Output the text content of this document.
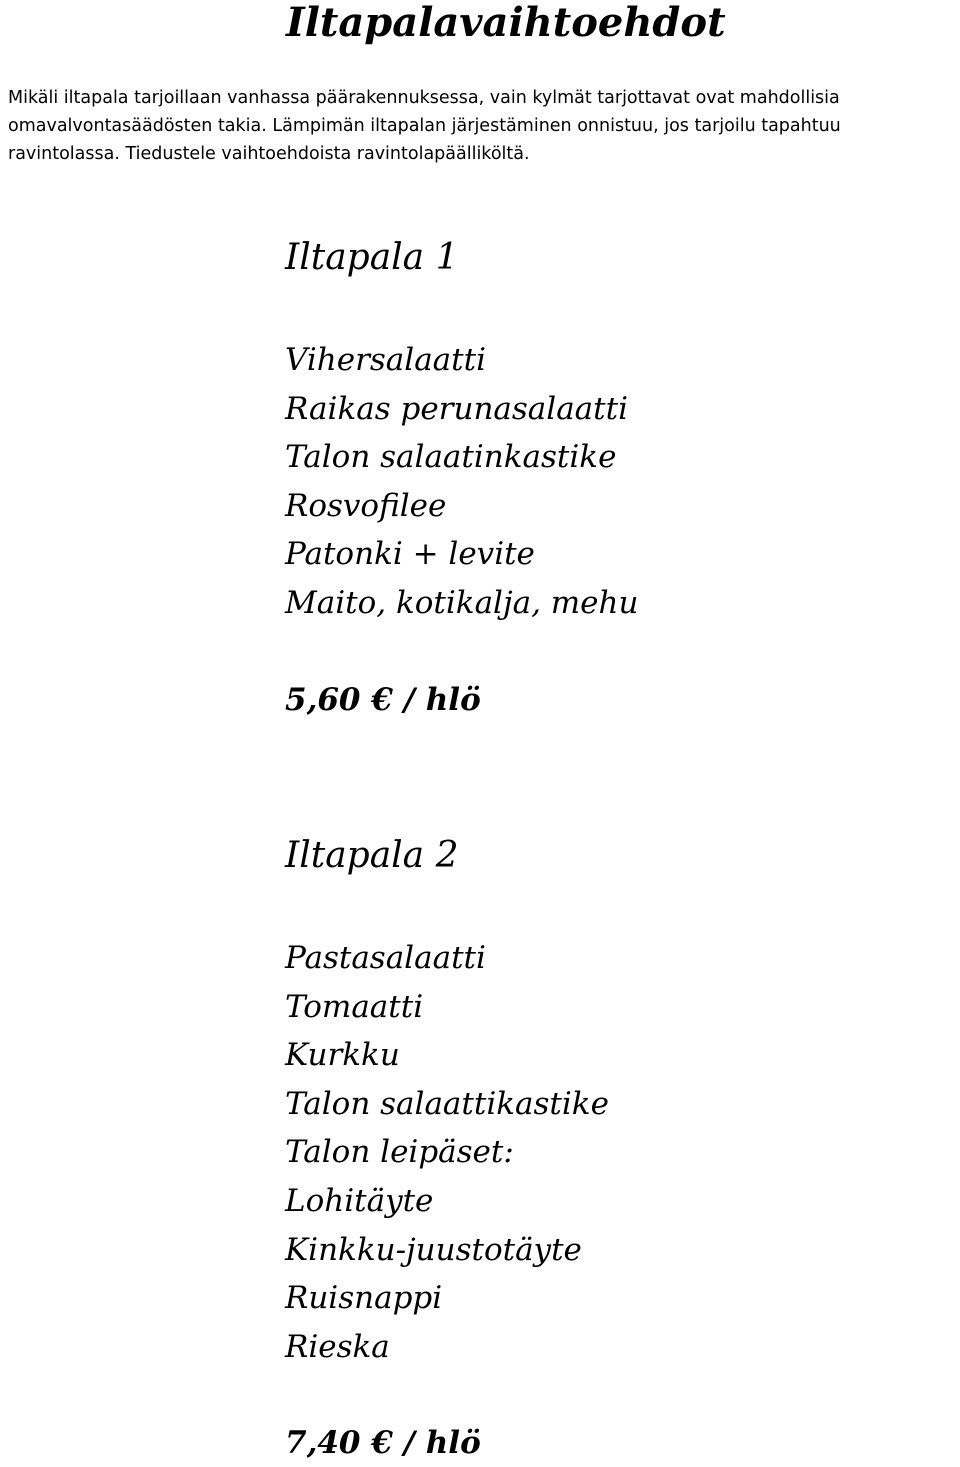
Iltapalavaihtoehdot

Mikäli iltapala tarjoillaan vanhassa päärakennuksessa, vain kylmät tarjottavat ovat mahdollisia omavalvontasäädösten takia. Lämpimän iltapalan järjestäminen onnistuu, jos tarjoilu tapahtuu ravintolassa. Tiedustele vaihtoehdoista ravintolapäälliköltä.

Iltapala 1
Vihersalaatti
Raikas perunasalaatti
Talon salaatinkastike
Rosvofilee
Patonki + levite
Maito, kotikalja, mehu
5,60 € / hlö
Iltapala 2
Pastasalaatti
Tomaatti
Kurkku
Talon salaattikastike
Talon leipäset:
Lohitäyte
Kinkku-juustotäyte
Ruisnappi
Rieska
7,40 € / hlö
